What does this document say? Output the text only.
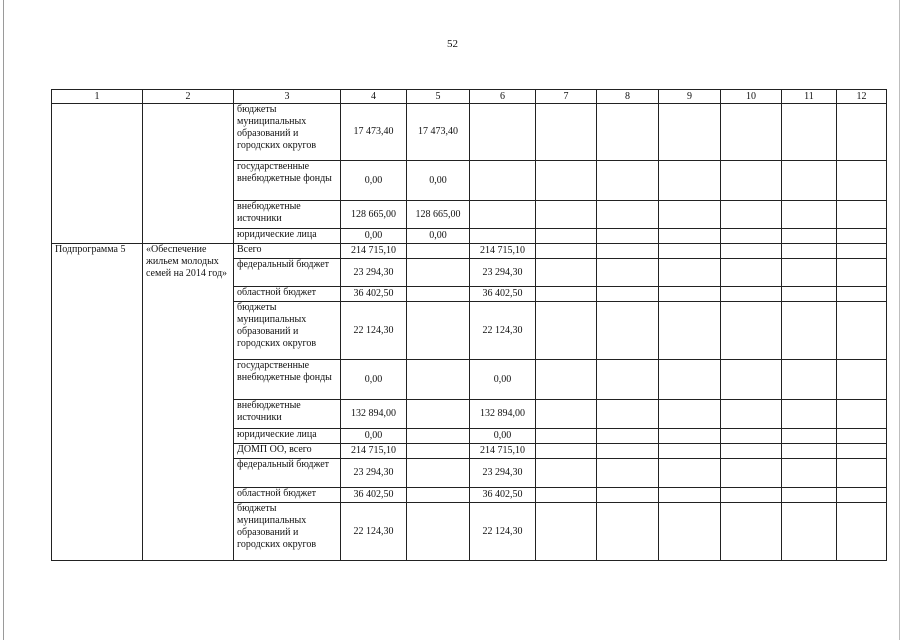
52
1	2	3	4	5	6	7	8	9	10	11	12
		бюджеты муниципальных образований и городских округов	17 473,40	17 473,40							
		государственные внебюджетные фонды	0,00	0,00							
		внебюджетные источники	128 665,00	128 665,00							
		юридические лица	0,00	0,00							
Подпрограмма 5	«Обеспечение жильем молодых семей на 2014 год»	Всего	214 715,10		214 715,10						
		федеральный бюджет	23 294,30		23 294,30						
		областной бюджет	36 402,50		36 402,50						
		бюджеты муниципальных образований и городских округов	22 124,30		22 124,30						
		государственные внебюджетные фонды	0,00		0,00						
		внебюджетные источники	132 894,00		132 894,00						
		юридические лица	0,00		0,00						
		ДОМП ОО, всего	214 715,10		214 715,10						
		федеральный бюджет	23 294,30		23 294,30						
		областной бюджет	36 402,50		36 402,50						
		бюджеты муниципальных образований и городских округов	22 124,30		22 124,30						
